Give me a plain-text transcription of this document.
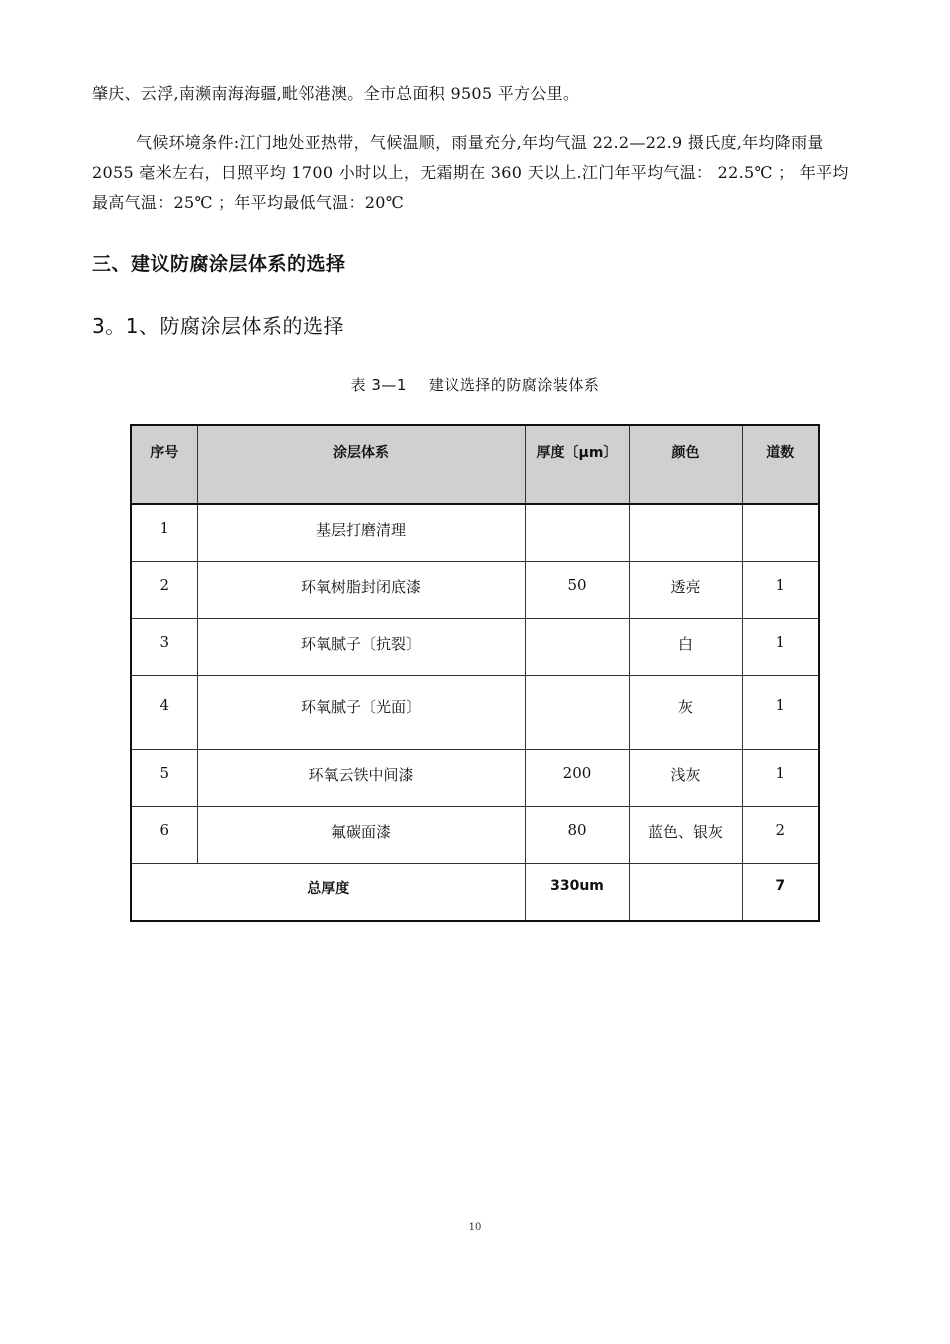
肇庆、云浮,南濒南海海疆,毗邻港澳。全市总面积 9505 平方公里。
气候环境条件:江门地处亚热带，气候温顺，雨量充分,年均气温 22.2—22.9 摄氏度,年均降雨量 2055 毫米左右，日照平均 1700 小时以上，无霜期在 360 天以上.江门年平均气温： 22.5℃ ； 年平均最高气温：25℃ ；年平均最低气温：20℃
三、建议防腐涂层体系的选择
3。1、防腐涂层体系的选择
表 3—1 建议选择的防腐涂装体系
序号	涂层体系	厚度〔μm〕	颜色	道数
1	基层打磨清理			
2	环氧树脂封闭底漆	50	透亮	1
3	环氧腻子〔抗裂〕		白	1
4	环氧腻子〔光面〕		灰	1
5	环氧云铁中间漆	200	浅灰	1
6	氟碳面漆	80	蓝色、银灰	2
总厚度		330um		7
10
